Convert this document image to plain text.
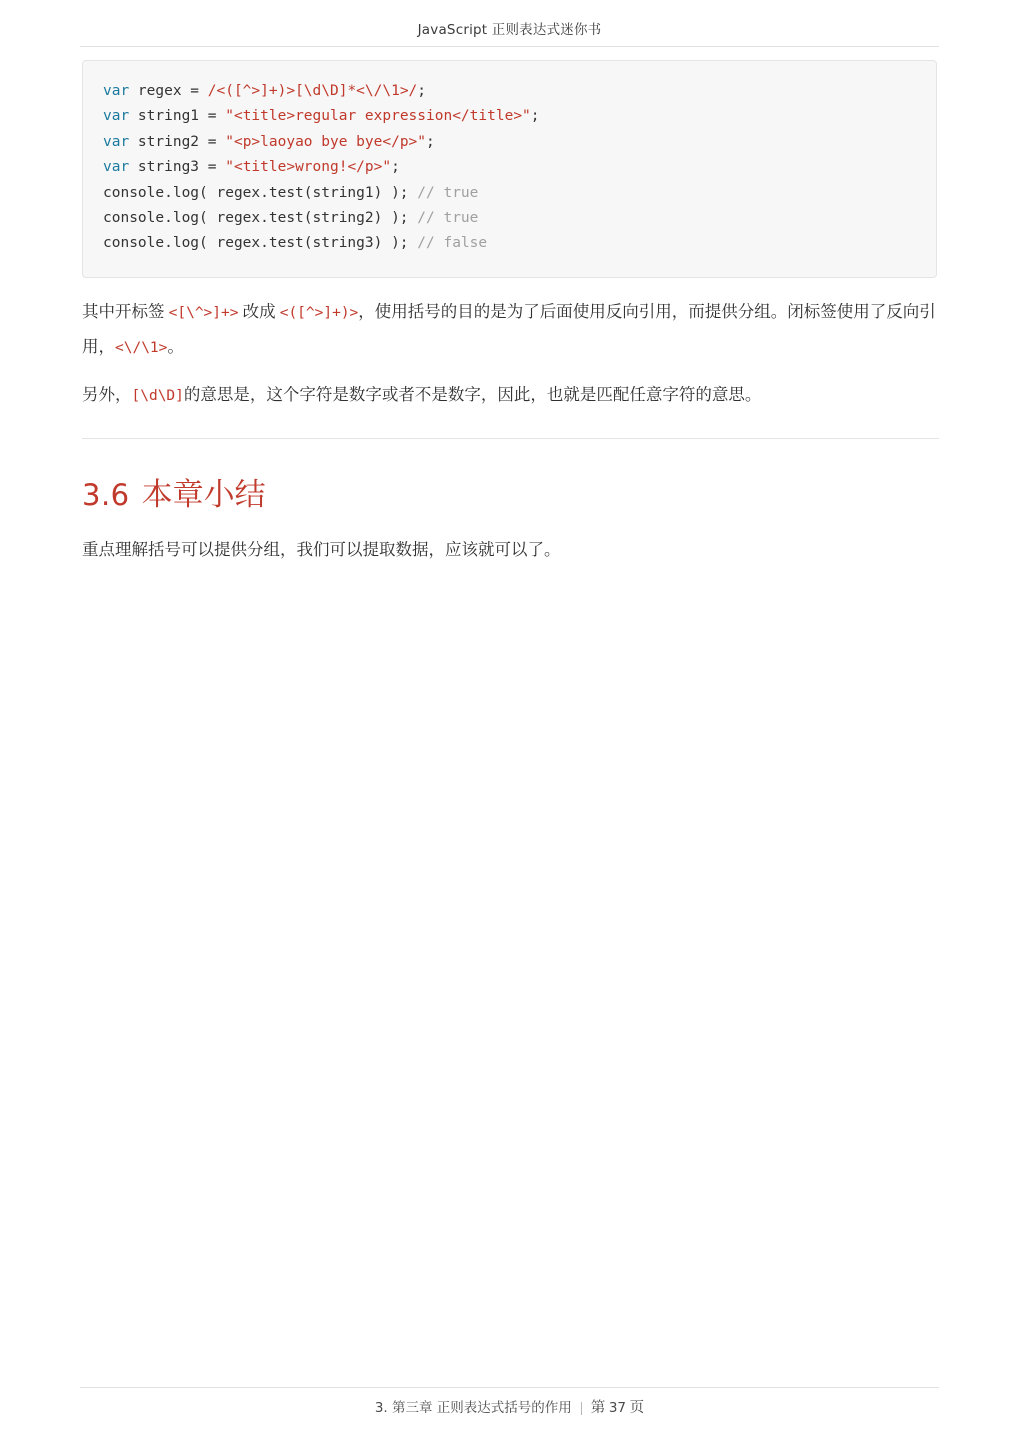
JavaScript 正则表达式迷你书
var regex = /<([^>]+)>[\d\D]*<\/\1>/;
var string1 = "<title>regular expression</title>";
var string2 = "<p>laoyao bye bye</p>";
var string3 = "<title>wrong!</p>";
console.log( regex.test(string1) ); // true
console.log( regex.test(string2) ); // true
console.log( regex.test(string3) ); // false
其中开标签 <[\^>]+> 改成 <([^>]+)>，使用括号的目的是为了后面使用反向引用，而提供分组。闭标签使用了反向引用，<\/\1>。
另外，[\d\D]的意思是，这个字符是数字或者不是数字，因此，也就是匹配任意字符的意思。
3.6 本章小结
重点理解括号可以提供分组，我们可以提取数据，应该就可以了。
3. 第三章 正则表达式括号的作用 | 第 37 页
